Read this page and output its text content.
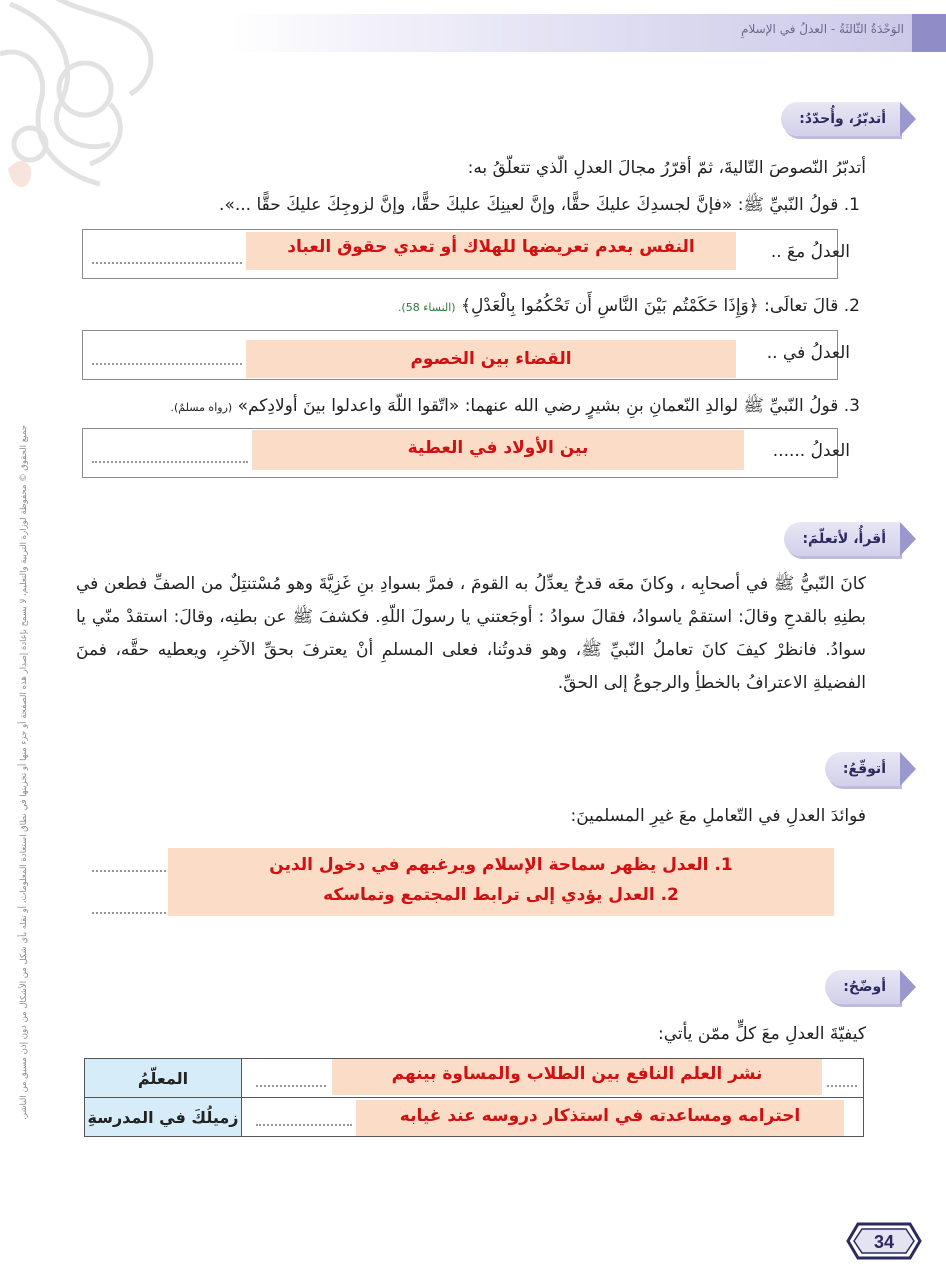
الوَحْدَةُ الثّالثَةُ - العدلُ في الإسلامِ
جميع الحقوق © محفوظة لوزارة التربية والتعليم، لا يسمح بإعادة إصدار هذه الصفحة أو جزء منها أو تخزينها في نطاق استعادة المعلومات، أو نقله بأي شكل من الأشكال من دون إذن مسبق من الناشر.
أتدبّرُ، وأُحدّدُ:
أتدبّرُ النّصوصَ التّاليةَ، ثمّ أقرّرُ مجالَ العدلِ الّذي تتعلّقُ به:
1. قولُ النّبيِّ ﷺ: «فإنَّ لجسدِكَ عليكَ حقًّا، وإنَّ لعينِكَ عليكَ حقًّا، وإنَّ لزوجِكَ عليكَ حقًّا ...».
العدلُ معَ ..
النفس بعدم تعريضها للهلاك أو تعدي حقوق العباد
2. قالَ تعالَى: ﴿وَإِذَا حَكَمْتُم بَيْنَ النَّاسِ أَن تَحْكُمُوا بِالْعَدْلِ﴾ (النساء 58).
العدلُ في ..
القضاء بين الخصوم
3. قولُ النّبيِّ ﷺ لوالدِ النّعمانِ بنِ بشيرٍ رضي الله عنهما: «اتّقوا اللّهَ واعدلوا بينَ أولادِكم» (رواه مسلمٌ).
العدلُ ......
بين الأولاد في العطية
أقرأُ، لأتعلّمَ:
كانَ النّبيُّ ﷺ في أصحابِه ، وكانَ معَه قدحٌ يعدِّلُ به القومَ ، فمرَّ بسوادِ بنِ غَزِيَّةَ وهو مُسْتنتِلٌ من الصفِّ فطعن في بطنِهِ بالقدحِ وقالَ: استقمْ ياسوادُ، فقالَ سوادُ : أوجَعتني يا رسولَ اللّهِ. فكشفَ ﷺ عن بطنِه، وقالَ: استقدْ منّي يا سوادُ. فانظرْ كيفَ كانَ تعاملُ النّبيِّ ﷺ، وهو قدوتُنا، فعلى المسلمِ أنْ يعترفَ بحقِّ الآخرِ، ويعطيه حقَّه، فمنَ الفضيلةِ الاعترافُ بالخطأِ والرجوعُ إلى الحقِّ.
أتوقّعُ:
فوائدَ العدلِ في التّعاملِ معَ غيرِ المسلمينَ:
1. العدل يظهر سماحة الإسلام ويرغبهم في دخول الدين
2. العدل يؤدي إلى ترابط المجتمع وتماسكه
أوضّحُ:
كيفيّةَ العدلِ معَ كلٍّ ممّن يأتي:
نشر العلم النافع بين الطلاب والمساوة بينهم	المعلّمُ

احترامه ومساعدته في استذكار دروسه عند غيابه	زميلُكَ في المدرسةِ
34
